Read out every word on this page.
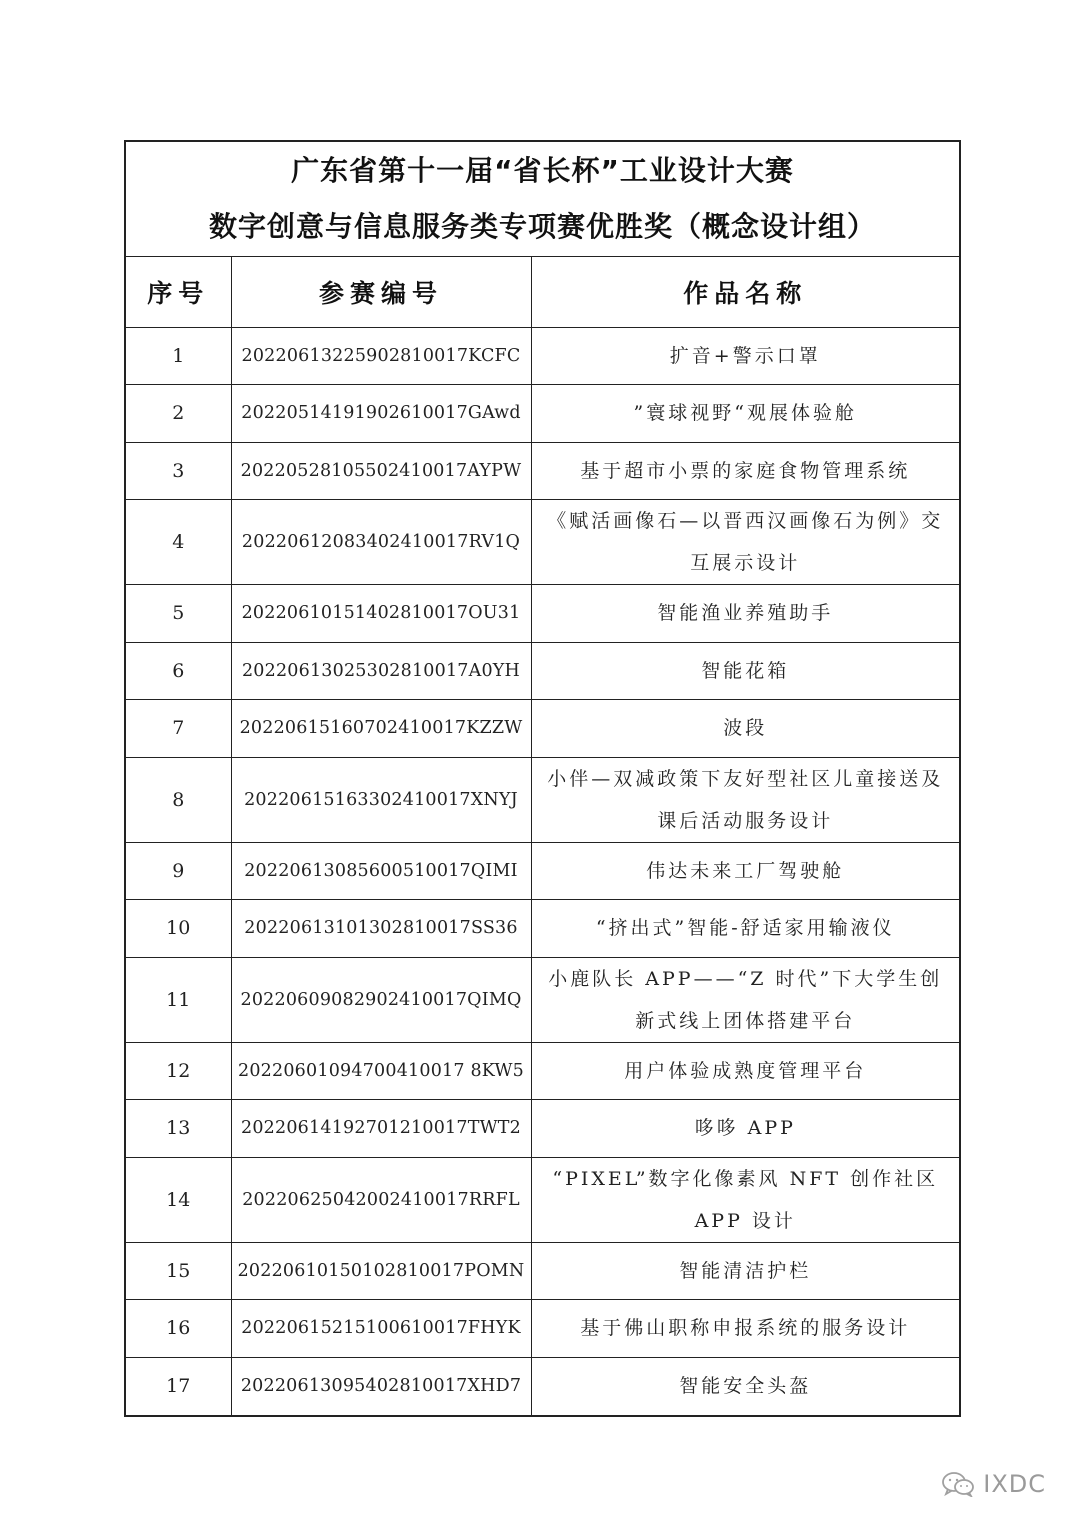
广东省第十一届“省长杯”工业设计大赛
数字创意与信息服务类专项赛优胜奖（概念设计组）
序号	参赛编号	作品名称
1	20220613225902810017KCFC	扩音+警示口罩
2	20220514191902610017GAwd	”寰球视野“观展体验舱
3	20220528105502410017AYPW	基于超市小票的家庭食物管理系统
4	20220612083402410017RV1Q	《赋活画像石—以晋西汉画像石为例》交互展示设计
5	20220610151402810017OU31	智能渔业养殖助手
6	20220613025302810017A0YH	智能花箱
7	20220615160702410017KZZW	波段
8	20220615163302410017XNYJ	小伴—双减政策下友好型社区儿童接送及课后活动服务设计
9	20220613085600510017QIMI	伟达未来工厂驾驶舱
10	20220613101302810017SS36	“挤出式”智能-舒适家用输液仪
11	20220609082902410017QIMQ	小鹿队长 APP——“Z 时代”下大学生创新式线上团体搭建平台
12	20220601094700410017 8KW5	用户体验成熟度管理平台
13	20220614192701210017TWT2	哆哆 APP
14	20220625042002410017RRFL	“PIXEL”数字化像素风 NFT 创作社区 APP 设计
15	20220610150102810017POMN	智能清洁护栏
16	20220615215100610017FHYK	基于佛山职称申报系统的服务设计
17	20220613095402810017XHD7	智能安全头盔
IXDC
